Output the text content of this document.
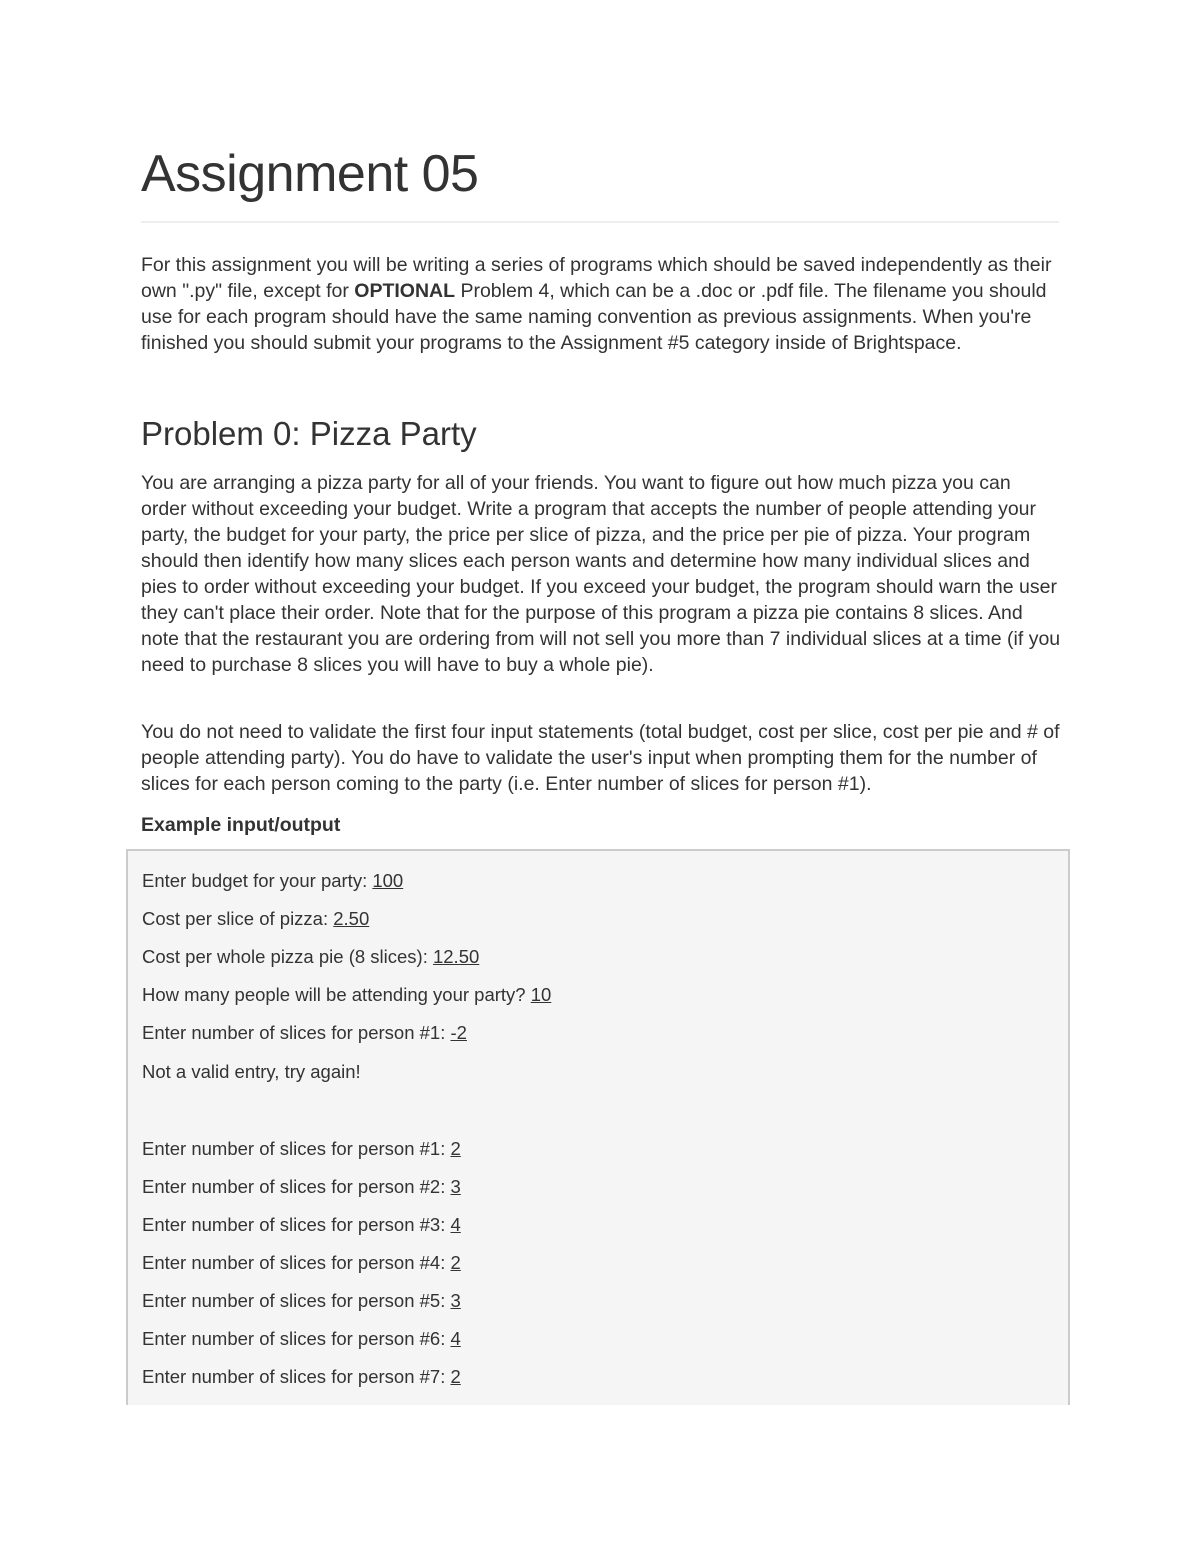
Assignment 05

For this assignment you will be writing a series of programs which should be saved independently as their own ".py" file, except for OPTIONAL Problem 4, which can be a .doc or .pdf file. The filename you should use for each program should have the same naming convention as previous assignments. When you're finished you should submit your programs to the Assignment #5 category inside of Brightspace.

Problem 0: Pizza Party

You are arranging a pizza party for all of your friends. You want to figure out how much pizza you can order without exceeding your budget. Write a program that accepts the number of people attending your party, the budget for your party, the price per slice of pizza, and the price per pie of pizza. Your program should then identify how many slices each person wants and determine how many individual slices and pies to order without exceeding your budget. If you exceed your budget, the program should warn the user they can't place their order. Note that for the purpose of this program a pizza pie contains 8 slices. And note that the restaurant you are ordering from will not sell you more than 7 individual slices at a time (if you need to purchase 8 slices you will have to buy a whole pie).

You do not need to validate the first four input statements (total budget, cost per slice, cost per pie and # of people attending party). You do have to validate the user's input when prompting them for the number of slices for each person coming to the party (i.e. Enter number of slices for person #1).

Example input/output

Enter budget for your party: 100

Cost per slice of pizza: 2.50

Cost per whole pizza pie (8 slices): 12.50

How many people will be attending your party? 10

Enter number of slices for person #1: -2

Not a valid entry, try again!

Enter number of slices for person #1: 2

Enter number of slices for person #2: 3

Enter number of slices for person #3: 4

Enter number of slices for person #4: 2

Enter number of slices for person #5: 3

Enter number of slices for person #6: 4

Enter number of slices for person #7: 2
